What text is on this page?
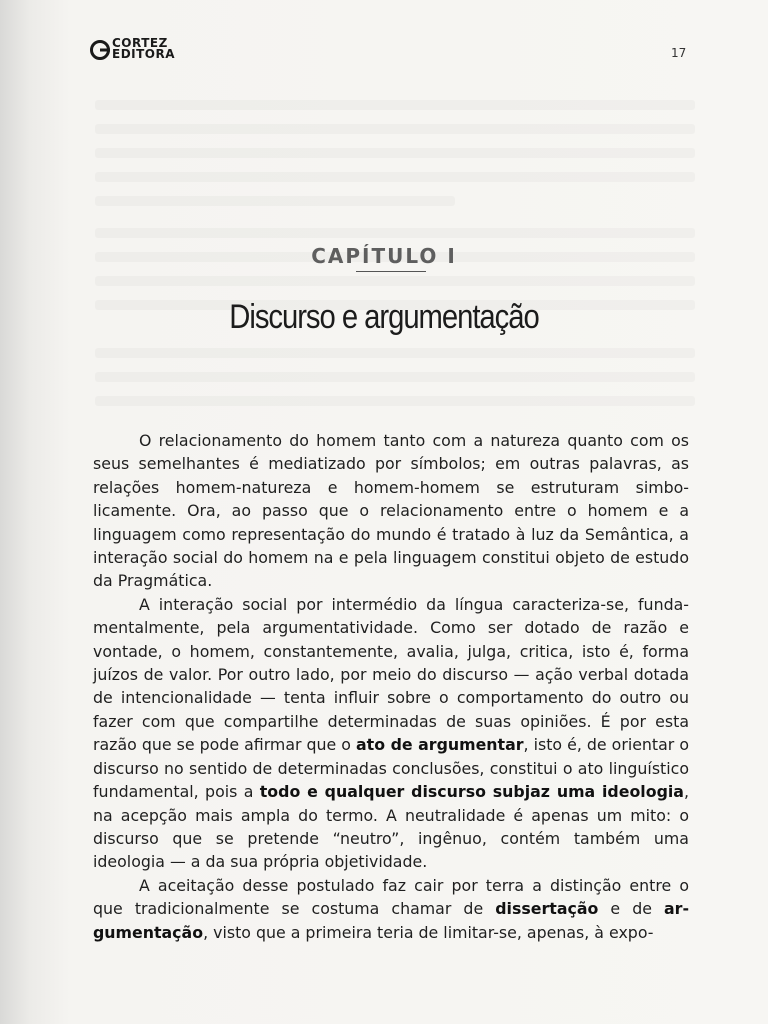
CORTEZ
EDITORA	17
CAPÍTULO I
Discurso e argumentação

O relacionamento do homem tanto com a natureza quanto com os seus semelhantes é mediatizado por símbolos; em outras palavras, as relações homem-natureza e homem-homem se estruturam simbolicamente. Ora, ao passo que o relacionamento entre o homem e a linguagem como representação do mundo é tratado à luz da Semântica, a interação social do homem na e pela linguagem constitui objeto de estudo da Pragmática.

A interação social por intermédio da língua caracteriza-se, fundamentalmente, pela argumentatividade. Como ser dotado de razão e vontade, o homem, constantemente, avalia, julga, critica, isto é, forma juízos de valor. Por outro lado, por meio do discurso — ação verbal dotada de intencionalidade — tenta influir sobre o comportamento do outro ou fazer com que compartilhe determinadas de suas opiniões. É por esta razão que se pode afirmar que o ato de argumentar, isto é, de orientar o discurso no sentido de determinadas conclusões, constitui o ato linguístico fundamental, pois a todo e qualquer discurso subjaz uma ideologia, na acepção mais ampla do termo. A neutralidade é apenas um mito: o discurso que se pretende “neutro”, ingênuo, contém também uma ideologia — a da sua própria objetividade.

A aceitação desse postulado faz cair por terra a distinção entre o que tradicionalmente se costuma chamar de dissertação e de argumentação, visto que a primeira teria de limitar-se, apenas, à expo-
